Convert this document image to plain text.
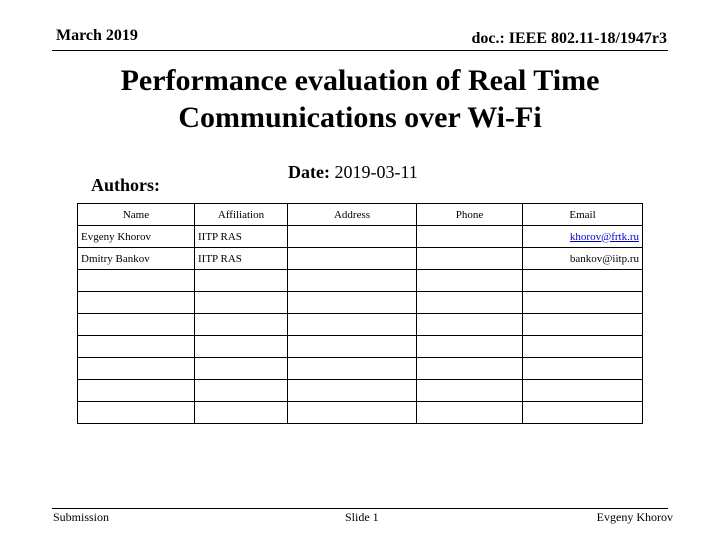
March 2019	doc.: IEEE 802.11-18/1947r3
Performance evaluation of Real Time Communications over Wi-Fi
Date: 2019-03-11
Authors:
Name	Affiliation	Address	Phone	Email
Evgeny Khorov	IITP RAS			khorov@frtk.ru
Dmitry Bankov	IITP RAS			bankov@iitp.ru

Submission	Slide 1	Evgeny Khorov
